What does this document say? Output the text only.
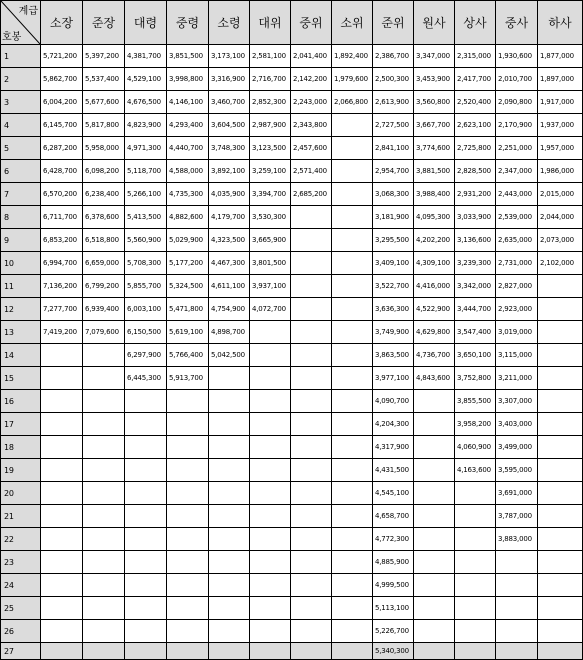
계급
호봉	소장	준장	대령	중령	소령	대위	중위	소위	준위	원사	상사	중사	하사
1	5,721,200	5,397,200	4,381,700	3,851,500	3,173,100	2,581,100	2,041,400	1,892,400	2,386,700	3,347,000	2,315,000	1,930,600	1,877,000
2	5,862,700	5,537,400	4,529,100	3,998,800	3,316,900	2,716,700	2,142,200	1,979,600	2,500,300	3,453,900	2,417,700	2,010,700	1,897,000
3	6,004,200	5,677,600	4,676,500	4,146,100	3,460,700	2,852,300	2,243,000	2,066,800	2,613,900	3,560,800	2,520,400	2,090,800	1,917,000
4	6,145,700	5,817,800	4,823,900	4,293,400	3,604,500	2,987,900	2,343,800		2,727,500	3,667,700	2,623,100	2,170,900	1,937,000
5	6,287,200	5,958,000	4,971,300	4,440,700	3,748,300	3,123,500	2,457,600		2,841,100	3,774,600	2,725,800	2,251,000	1,957,000
6	6,428,700	6,098,200	5,118,700	4,588,000	3,892,100	3,259,100	2,571,400		2,954,700	3,881,500	2,828,500	2,347,000	1,986,000
7	6,570,200	6,238,400	5,266,100	4,735,300	4,035,900	3,394,700	2,685,200		3,068,300	3,988,400	2,931,200	2,443,000	2,015,000
8	6,711,700	6,378,600	5,413,500	4,882,600	4,179,700	3,530,300			3,181,900	4,095,300	3,033,900	2,539,000	2,044,000
9	6,853,200	6,518,800	5,560,900	5,029,900	4,323,500	3,665,900			3,295,500	4,202,200	3,136,600	2,635,000	2,073,000
10	6,994,700	6,659,000	5,708,300	5,177,200	4,467,300	3,801,500			3,409,100	4,309,100	3,239,300	2,731,000	2,102,000
11	7,136,200	6,799,200	5,855,700	5,324,500	4,611,100	3,937,100			3,522,700	4,416,000	3,342,000	2,827,000	
12	7,277,700	6,939,400	6,003,100	5,471,800	4,754,900	4,072,700			3,636,300	4,522,900	3,444,700	2,923,000	
13	7,419,200	7,079,600	6,150,500	5,619,100	4,898,700				3,749,900	4,629,800	3,547,400	3,019,000	
14			6,297,900	5,766,400	5,042,500				3,863,500	4,736,700	3,650,100	3,115,000	
15			6,445,300	5,913,700					3,977,100	4,843,600	3,752,800	3,211,000	
16									4,090,700		3,855,500	3,307,000	
17									4,204,300		3,958,200	3,403,000	
18									4,317,900		4,060,900	3,499,000	
19									4,431,500		4,163,600	3,595,000	
20									4,545,100			3,691,000	
21									4,658,700			3,787,000	
22									4,772,300			3,883,000	
23									4,885,900				
24									4,999,500				
25									5,113,100				
26									5,226,700				
27									5,340,300				
